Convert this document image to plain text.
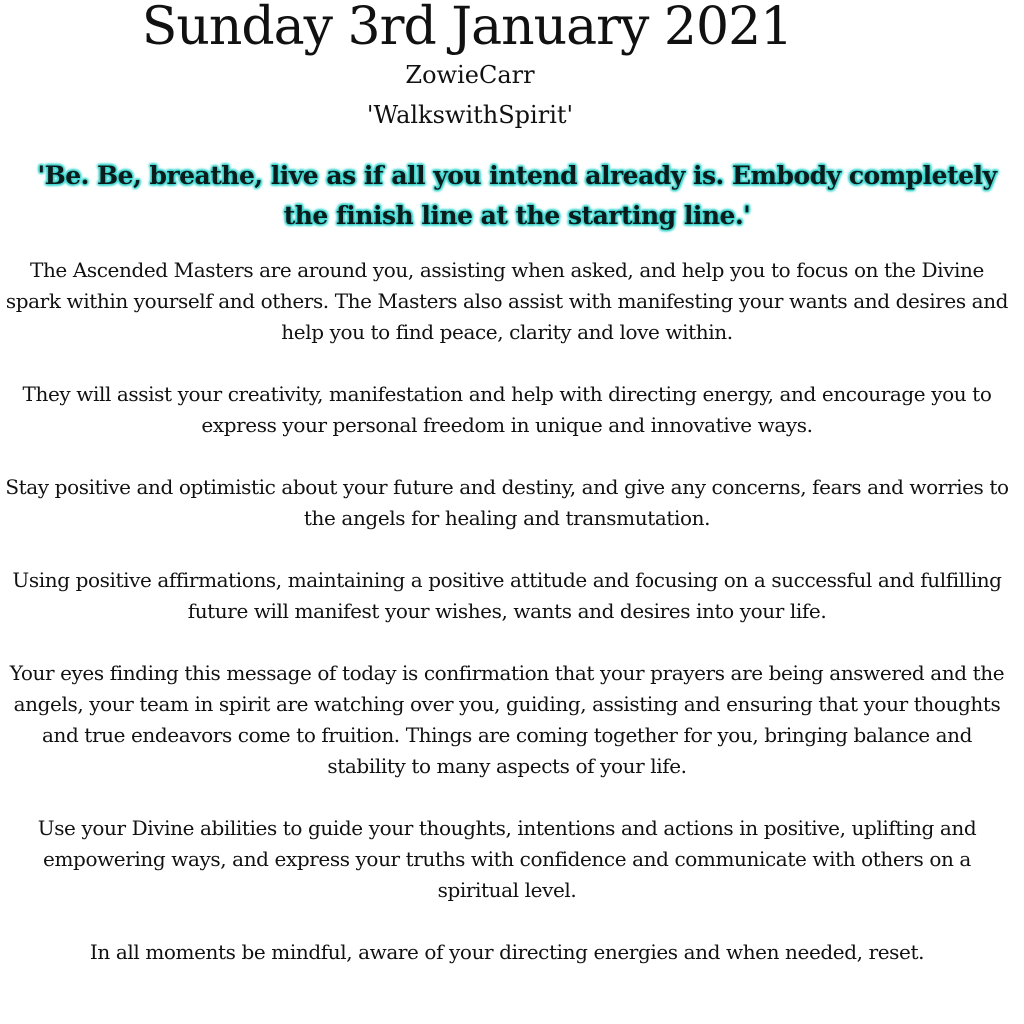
Sunday 3rd January 2021
ZowieCarr
'WalkswithSpirit'
'Be. Be, breathe, live as if all you intend already is. Embody completely the finish line at the starting line.'

The Ascended Masters are around you, assisting when asked, and help you to focus on the Divine spark within yourself and others. The Masters also assist with manifesting your wants and desires and help you to find peace, clarity and love within.

They will assist your creativity, manifestation and help with directing energy, and encourage you to express your personal freedom in unique and innovative ways.

Stay positive and optimistic about your future and destiny, and give any concerns, fears and worries to the angels for healing and transmutation.

Using positive affirmations, maintaining a positive attitude and focusing on a successful and fulfilling future will manifest your wishes, wants and desires into your life.

Your eyes finding this message of today is confirmation that your prayers are being answered and the angels, your team in spirit are watching over you, guiding, assisting and ensuring that your thoughts and true endeavors come to fruition. Things are coming together for you, bringing balance and stability to many aspects of your life.

Use your Divine abilities to guide your thoughts, intentions and actions in positive, uplifting and empowering ways, and express your truths with confidence and communicate with others on a spiritual level.

In all moments be mindful, aware of your directing energies and when needed, reset.
